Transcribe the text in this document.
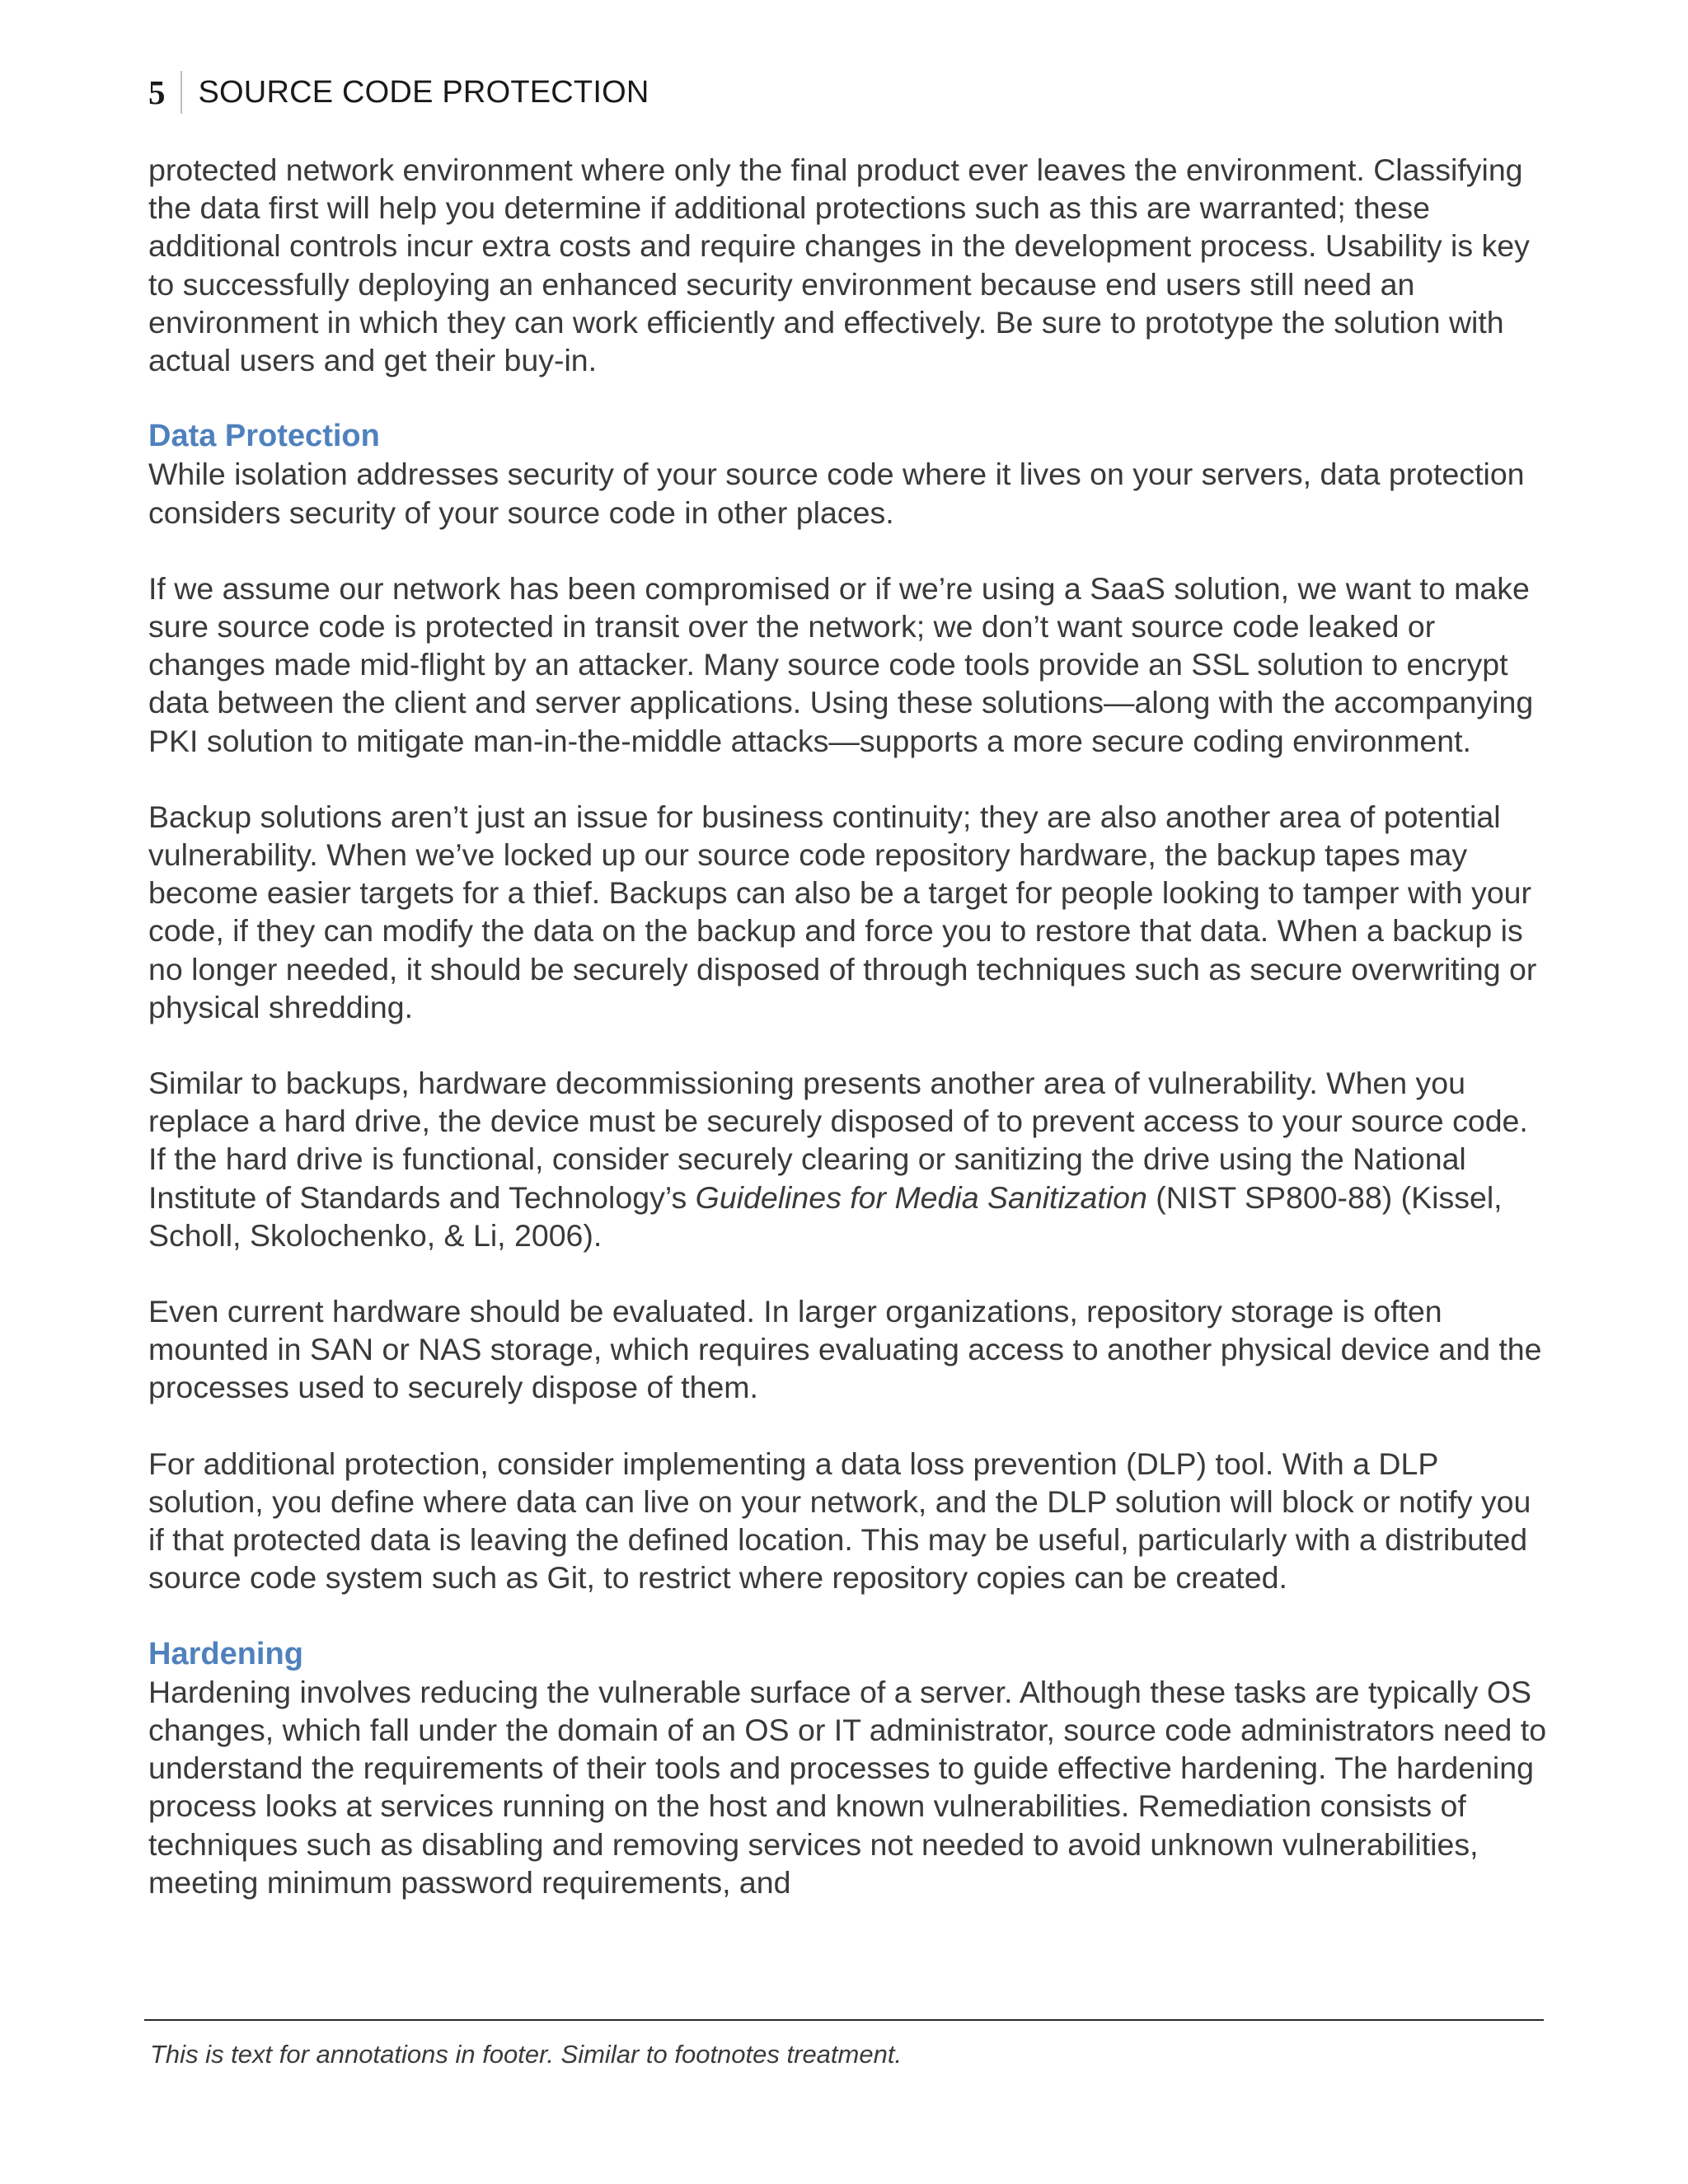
5	SOURCE CODE PROTECTION

protected network environment where only the final product ever leaves the environment. Classifying the data first will help you determine if additional protections such as this are warranted; these additional controls incur extra costs and require changes in the development process. Usability is key to successfully deploying an enhanced security environment because end users still need an environment in which they can work efficiently and effectively. Be sure to prototype the solution with actual users and get their buy-in.

Data Protection

While isolation addresses security of your source code where it lives on your servers, data protection considers security of your source code in other places.

If we assume our network has been compromised or if we’re using a SaaS solution, we want to make sure source code is protected in transit over the network; we don’t want source code leaked or changes made mid-flight by an attacker. Many source code tools provide an SSL solution to encrypt data between the client and server applications. Using these solutions—along with the accompanying PKI solution to mitigate man-in-the-middle attacks—supports a more secure coding environment.

Backup solutions aren’t just an issue for business continuity; they are also another area of potential vulnerability. When we’ve locked up our source code repository hardware, the backup tapes may become easier targets for a thief. Backups can also be a target for people looking to tamper with your code, if they can modify the data on the backup and force you to restore that data. When a backup is no longer needed, it should be securely disposed of through techniques such as secure overwriting or physical shredding.

Similar to backups, hardware decommissioning presents another area of vulnerability. When you replace a hard drive, the device must be securely disposed of to prevent access to your source code. If the hard drive is functional, consider securely clearing or sanitizing the drive using the National Institute of Standards and Technology’s Guidelines for Media Sanitization (NIST SP800-88) (Kissel, Scholl, Skolochenko, & Li, 2006).

Even current hardware should be evaluated. In larger organizations, repository storage is often mounted in SAN or NAS storage, which requires evaluating access to another physical device and the processes used to securely dispose of them.

For additional protection, consider implementing a data loss prevention (DLP) tool. With a DLP solution, you define where data can live on your network, and the DLP solution will block or notify you if that protected data is leaving the defined location. This may be useful, particularly with a distributed source code system such as Git, to restrict where repository copies can be created.

Hardening

Hardening involves reducing the vulnerable surface of a server. Although these tasks are typically OS changes, which fall under the domain of an OS or IT administrator, source code administrators need to understand the requirements of their tools and processes to guide effective hardening. The hardening process looks at services running on the host and known vulnerabilities. Remediation consists of techniques such as disabling and removing services not needed to avoid unknown vulnerabilities, meeting minimum password requirements, and

This is text for annotations in footer. Similar to footnotes treatment.
